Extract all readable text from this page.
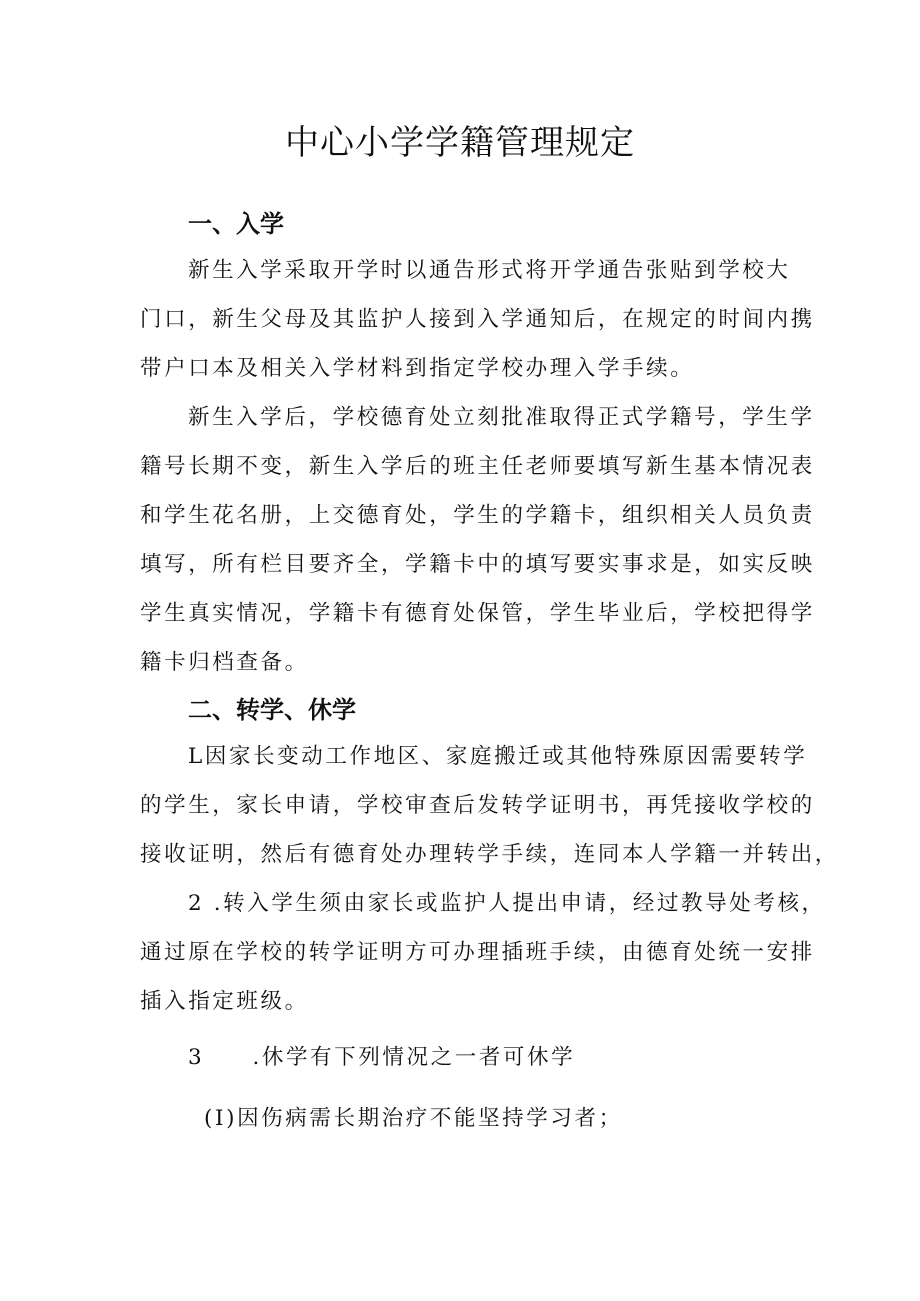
中心小学学籍管理规定
一、入学
新生入学采取开学时以通告形式将开学通告张贴到学校大
门口，新生父母及其监护人接到入学通知后，在规定的时间内携
带户口本及相关入学材料到指定学校办理入学手续。
新生入学后，学校德育处立刻批准取得正式学籍号，学生学
籍号长期不变，新生入学后的班主任老师要填写新生基本情况表
和学生花名册，上交德育处，学生的学籍卡，组织相关人员负责
填写，所有栏目要齐全，学籍卡中的填写要实事求是，如实反映
学生真实情况，学籍卡有德育处保管，学生毕业后，学校把得学
籍卡归档查备。
二、转学、休学
L因家长变动工作地区、家庭搬迁或其他特殊原因需要转学
的学生，家长申请，学校审查后发转学证明书，再凭接收学校的
接收证明，然后有德育处办理转学手续，连同本人学籍一并转出，
2 .转入学生须由家长或监护人提出申请，经过教导处考核，
通过原在学校的转学证明方可办理插班手续，由德育处统一安排
插入指定班级。
3　　.休学有下列情况之一者可休学
(I)因伤病需长期治疗不能坚持学习者；
